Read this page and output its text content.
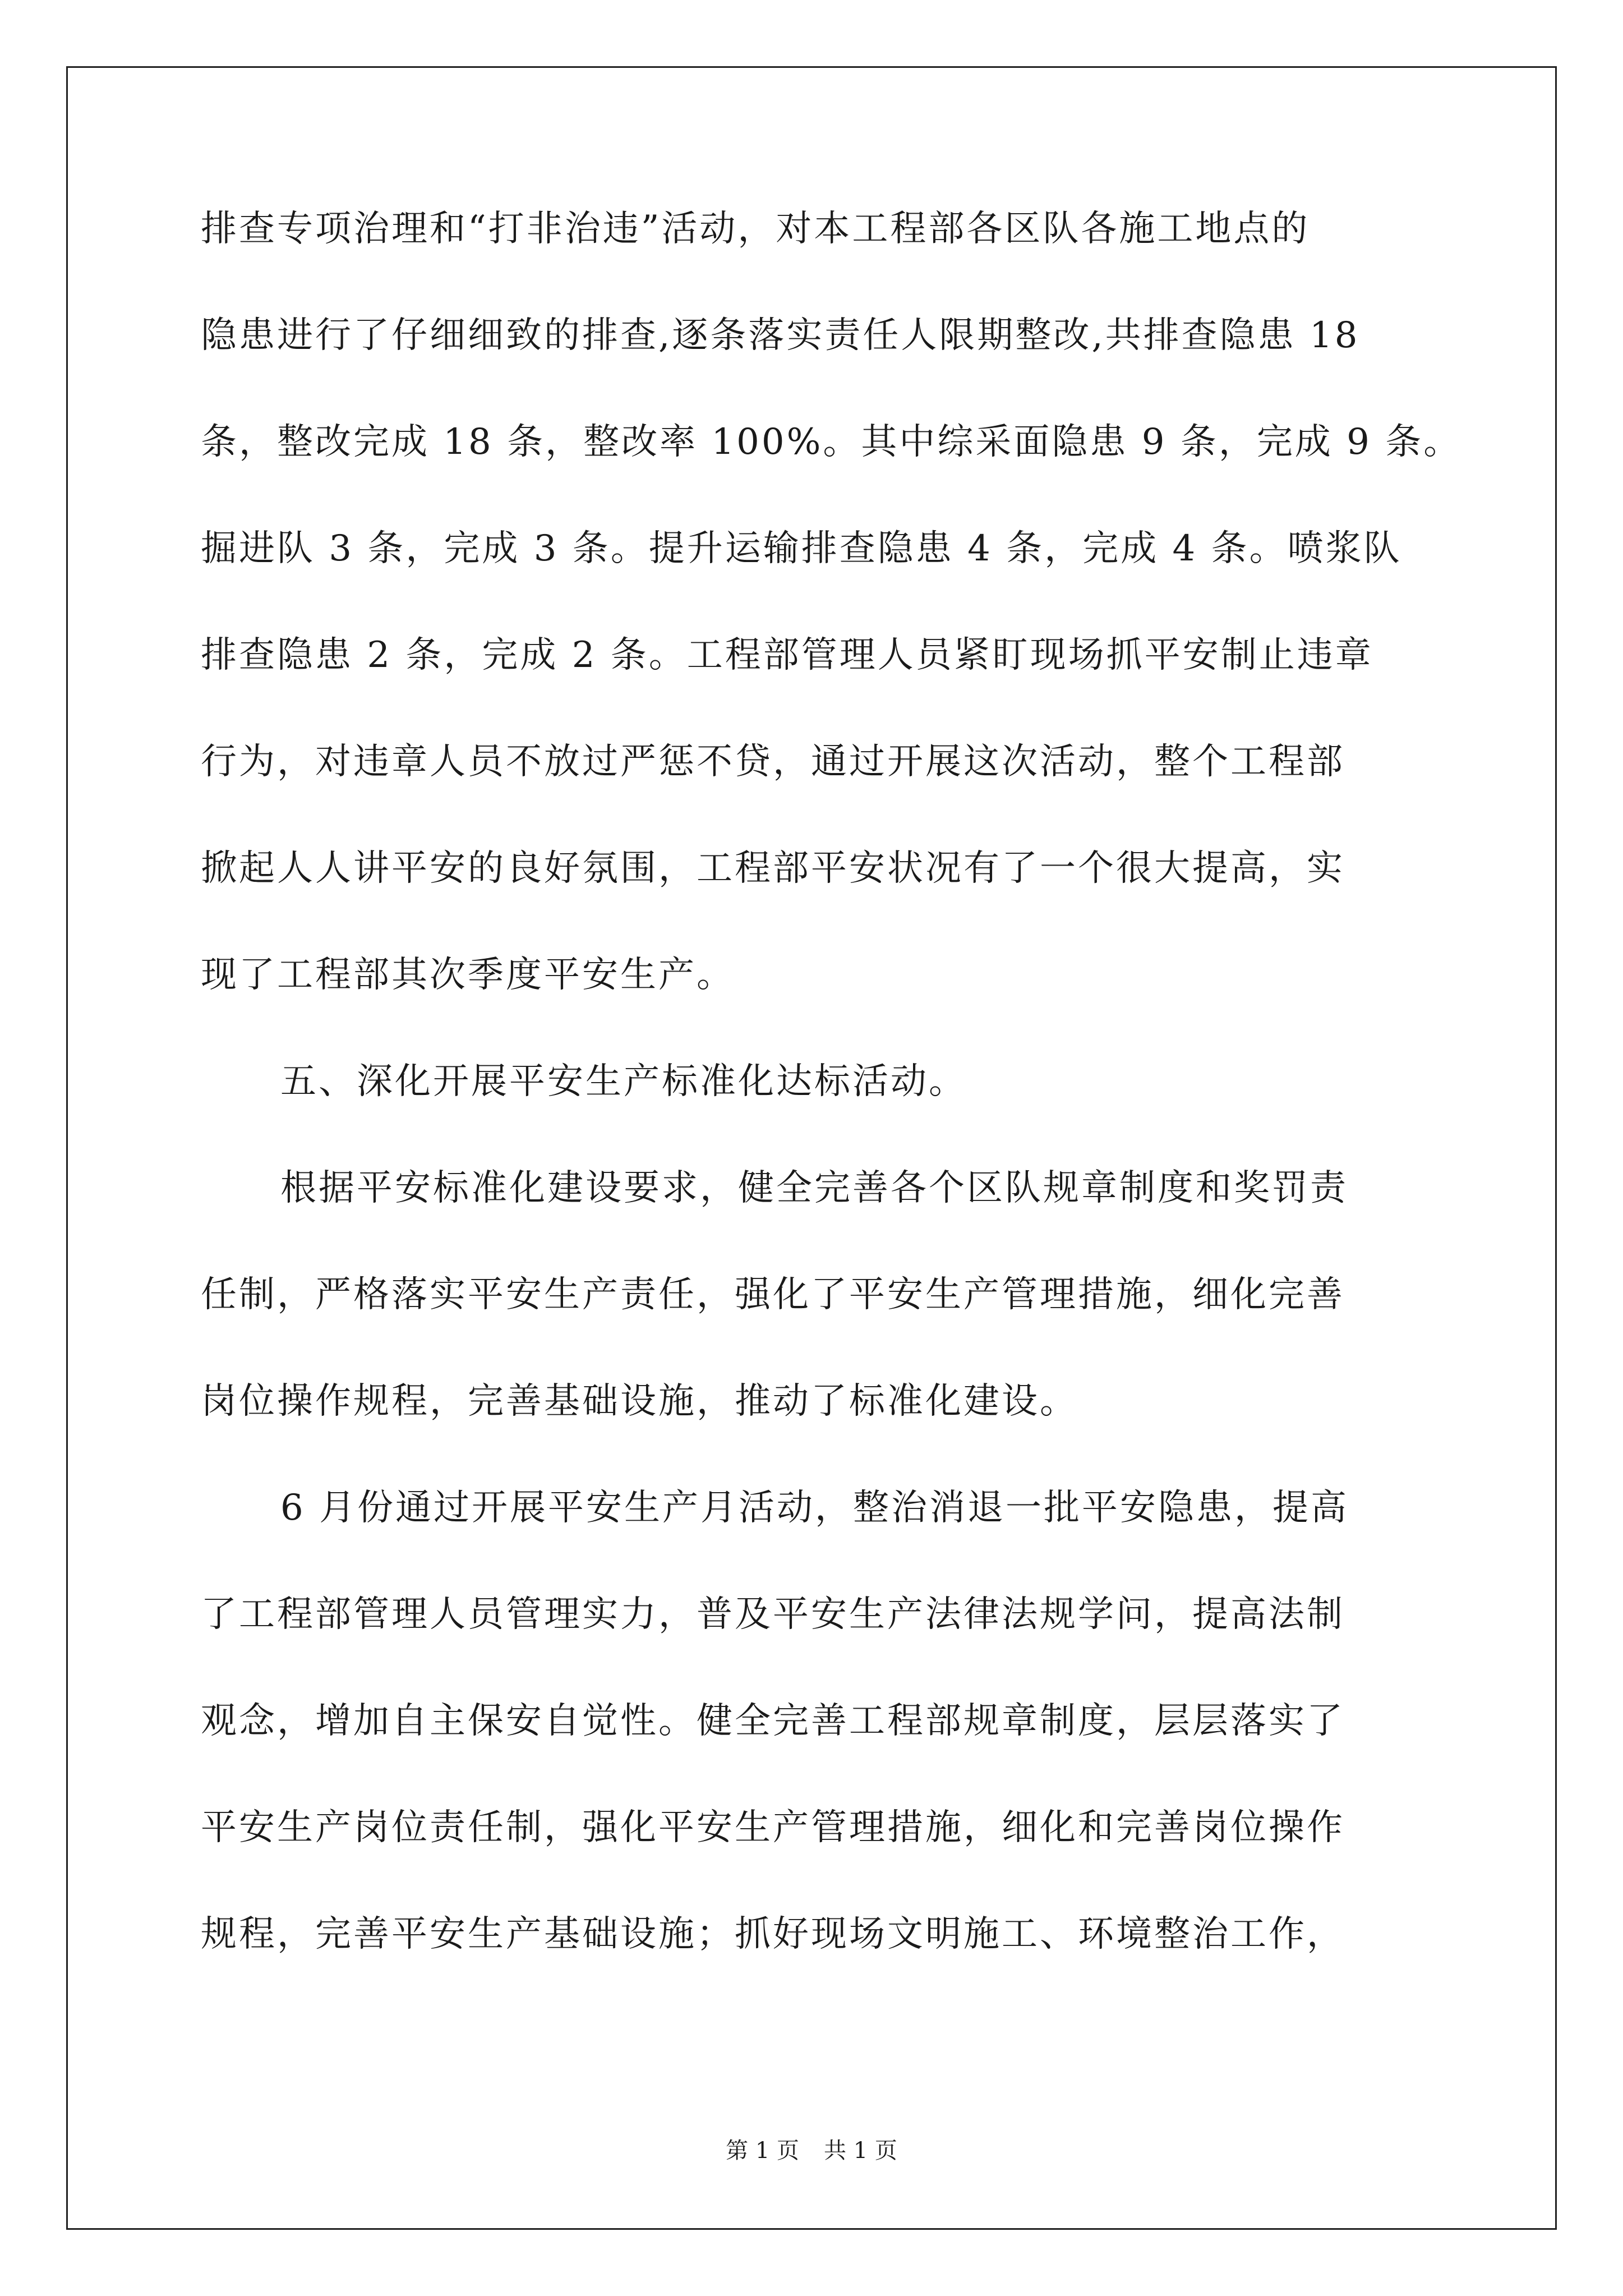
排查专项治理和“打非治违”活动，对本工程部各区队各施工地点的
隐患进行了仔细细致的排查,逐条落实责任人限期整改,共排查隐患 18
条，整改完成 18 条，整改率 100%。其中综采面隐患 9 条，完成 9 条。
掘进队 3 条，完成 3 条。提升运输排查隐患 4 条，完成 4 条。喷浆队
排查隐患 2 条，完成 2 条。工程部管理人员紧盯现场抓平安制止违章
行为，对违章人员不放过严惩不贷，通过开展这次活动，整个工程部
掀起人人讲平安的良好氛围，工程部平安状况有了一个很大提高，实
现了工程部其次季度平安生产。
五、深化开展平安生产标准化达标活动。
根据平安标准化建设要求，健全完善各个区队规章制度和奖罚责
任制，严格落实平安生产责任，强化了平安生产管理措施，细化完善
岗位操作规程，完善基础设施，推动了标准化建设。
6 月份通过开展平安生产月活动，整治消退一批平安隐患，提高
了工程部管理人员管理实力，普及平安生产法律法规学问，提高法制
观念，增加自主保安自觉性。健全完善工程部规章制度，层层落实了
平安生产岗位责任制，强化平安生产管理措施，细化和完善岗位操作
规程，完善平安生产基础设施；抓好现场文明施工、环境整治工作，
第 1 页 共 1 页
